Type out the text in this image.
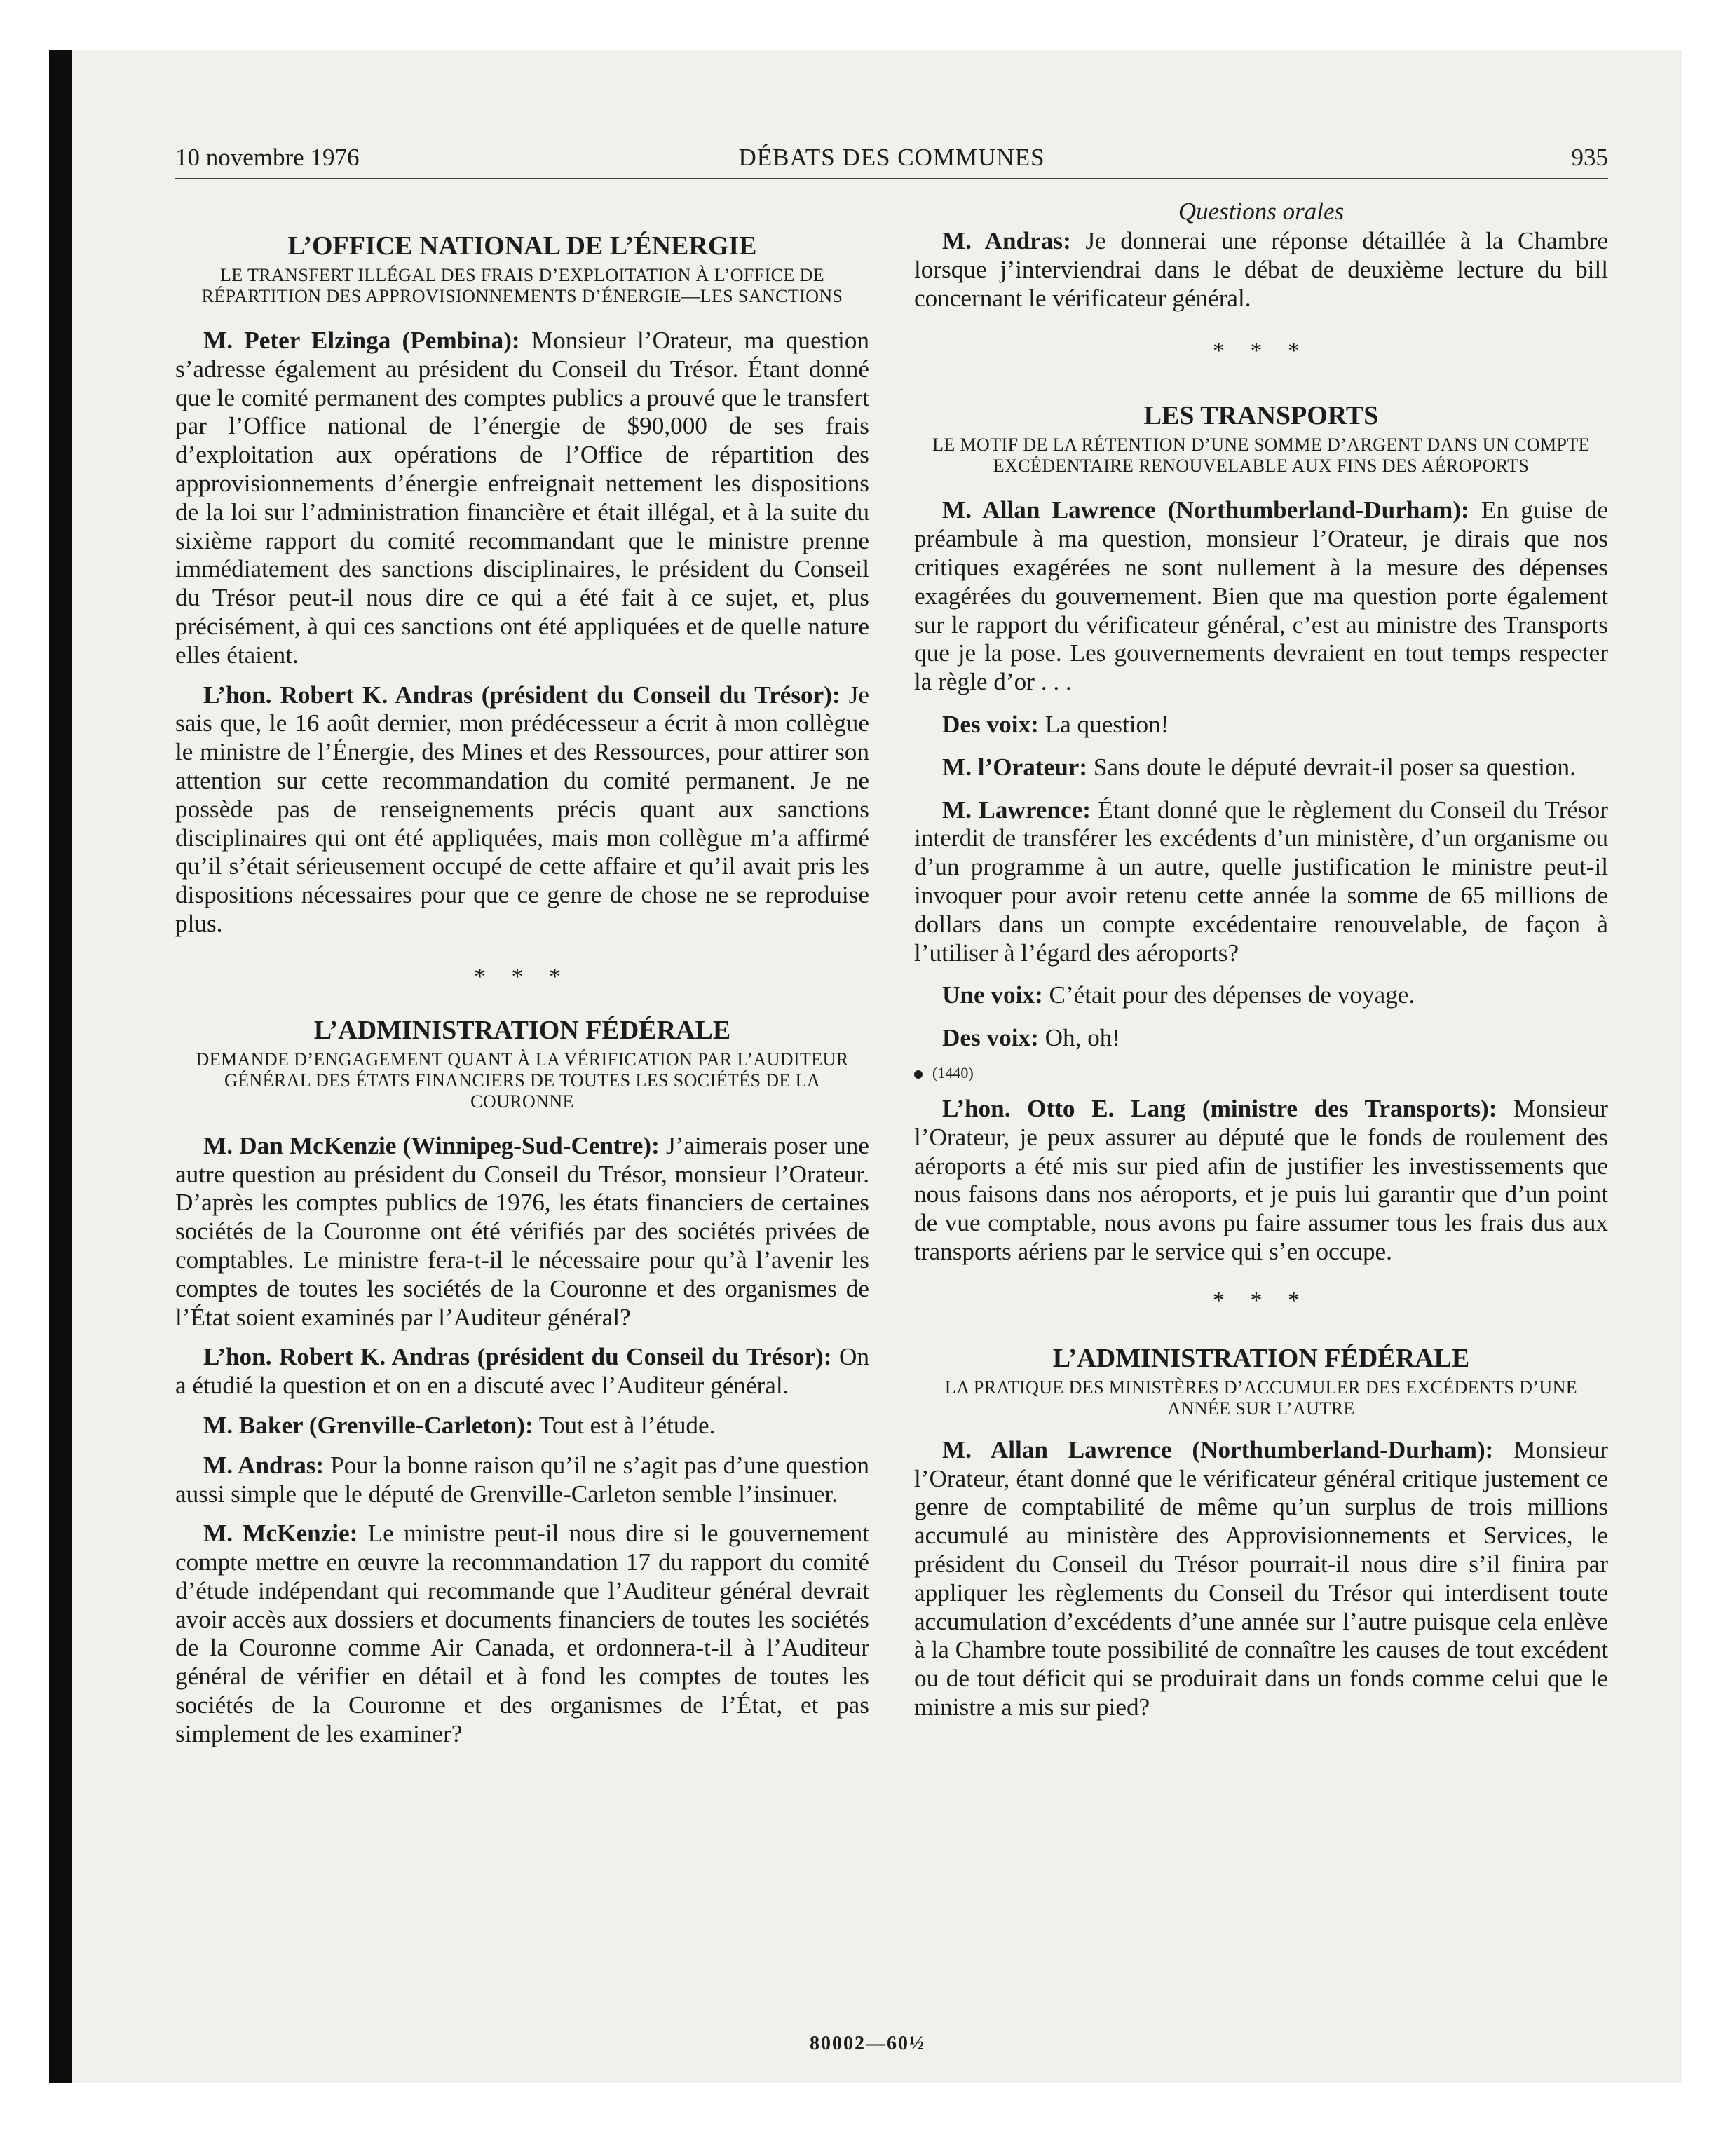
10 novembre 1976	DÉBATS DES COMMUNES	935
L’OFFICE NATIONAL DE L’ÉNERGIE

LE TRANSFERT ILLÉGAL DES FRAIS D’EXPLOITATION À L’OFFICE DE RÉPARTITION DES APPROVISIONNEMENTS D’ÉNERGIE—LES SANCTIONS

M. Peter Elzinga (Pembina): Monsieur l’Orateur, ma question s’adresse également au président du Conseil du Trésor. Étant donné que le comité permanent des comptes publics a prouvé que le transfert par l’Office national de l’énergie de $90,000 de ses frais d’exploitation aux opérations de l’Office de répartition des approvisionnements d’énergie enfreignait nettement les dispositions de la loi sur l’administration financière et était illégal, et à la suite du sixième rapport du comité recommandant que le ministre prenne immédiatement des sanctions disciplinaires, le président du Conseil du Trésor peut-il nous dire ce qui a été fait à ce sujet, et, plus précisément, à qui ces sanctions ont été appliquées et de quelle nature elles étaient.

L’hon. Robert K. Andras (président du Conseil du Trésor): Je sais que, le 16 août dernier, mon prédécesseur a écrit à mon collègue le ministre de l’Énergie, des Mines et des Ressources, pour attirer son attention sur cette recommandation du comité permanent. Je ne possède pas de renseignements précis quant aux sanctions disciplinaires qui ont été appliquées, mais mon collègue m’a affirmé qu’il s’était sérieusement occupé de cette affaire et qu’il avait pris les dispositions nécessaires pour que ce genre de chose ne se reproduise plus.

* * *

L’ADMINISTRATION FÉDÉRALE

DEMANDE D’ENGAGEMENT QUANT À LA VÉRIFICATION PAR L’AUDITEUR GÉNÉRAL DES ÉTATS FINANCIERS DE TOUTES LES SOCIÉTÉS DE LA COURONNE

M. Dan McKenzie (Winnipeg-Sud-Centre): J’aimerais poser une autre question au président du Conseil du Trésor, monsieur l’Orateur. D’après les comptes publics de 1976, les états financiers de certaines sociétés de la Couronne ont été vérifiés par des sociétés privées de comptables. Le ministre fera-t-il le nécessaire pour qu’à l’avenir les comptes de toutes les sociétés de la Couronne et des organismes de l’État soient examinés par l’Auditeur général?

L’hon. Robert K. Andras (président du Conseil du Trésor): On a étudié la question et on en a discuté avec l’Auditeur général.

M. Baker (Grenville-Carleton): Tout est à l’étude.

M. Andras: Pour la bonne raison qu’il ne s’agit pas d’une question aussi simple que le député de Grenville-Carleton semble l’insinuer.

M. McKenzie: Le ministre peut-il nous dire si le gouvernement compte mettre en œuvre la recommandation 17 du rapport du comité d’étude indépendant qui recommande que l’Auditeur général devrait avoir accès aux dossiers et documents financiers de toutes les sociétés de la Couronne comme Air Canada, et ordonnera-t-il à l’Auditeur général de vérifier en détail et à fond les comptes de toutes les sociétés de la Couronne et des organismes de l’État, et pas simplement de les examiner?

Questions orales

M. Andras: Je donnerai une réponse détaillée à la Chambre lorsque j’interviendrai dans le débat de deuxième lecture du bill concernant le vérificateur général.

* * *

LES TRANSPORTS

LE MOTIF DE LA RÉTENTION D’UNE SOMME D’ARGENT DANS UN COMPTE EXCÉDENTAIRE RENOUVELABLE AUX FINS DES AÉROPORTS

M. Allan Lawrence (Northumberland-Durham): En guise de préambule à ma question, monsieur l’Orateur, je dirais que nos critiques exagérées ne sont nullement à la mesure des dépenses exagérées du gouvernement. Bien que ma question porte également sur le rapport du vérificateur général, c’est au ministre des Transports que je la pose. Les gouvernements devraient en tout temps respecter la règle d’or . . .

Des voix: La question!

M. l’Orateur: Sans doute le député devrait-il poser sa question.

M. Lawrence: Étant donné que le règlement du Conseil du Trésor interdit de transférer les excédents d’un ministère, d’un organisme ou d’un programme à un autre, quelle justification le ministre peut-il invoquer pour avoir retenu cette année la somme de 65 millions de dollars dans un compte excédentaire renouvelable, de façon à l’utiliser à l’égard des aéroports?

Une voix: C’était pour des dépenses de voyage.

Des voix: Oh, oh!

(1440)

L’hon. Otto E. Lang (ministre des Transports): Monsieur l’Orateur, je peux assurer au député que le fonds de roulement des aéroports a été mis sur pied afin de justifier les investissements que nous faisons dans nos aéroports, et je puis lui garantir que d’un point de vue comptable, nous avons pu faire assumer tous les frais dus aux transports aériens par le service qui s’en occupe.

* * *

L’ADMINISTRATION FÉDÉRALE

LA PRATIQUE DES MINISTÈRES D’ACCUMULER DES EXCÉDENTS D’UNE ANNÉE SUR L’AUTRE

M. Allan Lawrence (Northumberland-Durham): Monsieur l’Orateur, étant donné que le vérificateur général critique justement ce genre de comptabilité de même qu’un surplus de trois millions accumulé au ministère des Approvisionnements et Services, le président du Conseil du Trésor pourrait-il nous dire s’il finira par appliquer les règlements du Conseil du Trésor qui interdisent toute accumulation d’excédents d’une année sur l’autre puisque cela enlève à la Chambre toute possibilité de connaître les causes de tout excédent ou de tout déficit qui se produirait dans un fonds comme celui que le ministre a mis sur pied?

80002—60½
